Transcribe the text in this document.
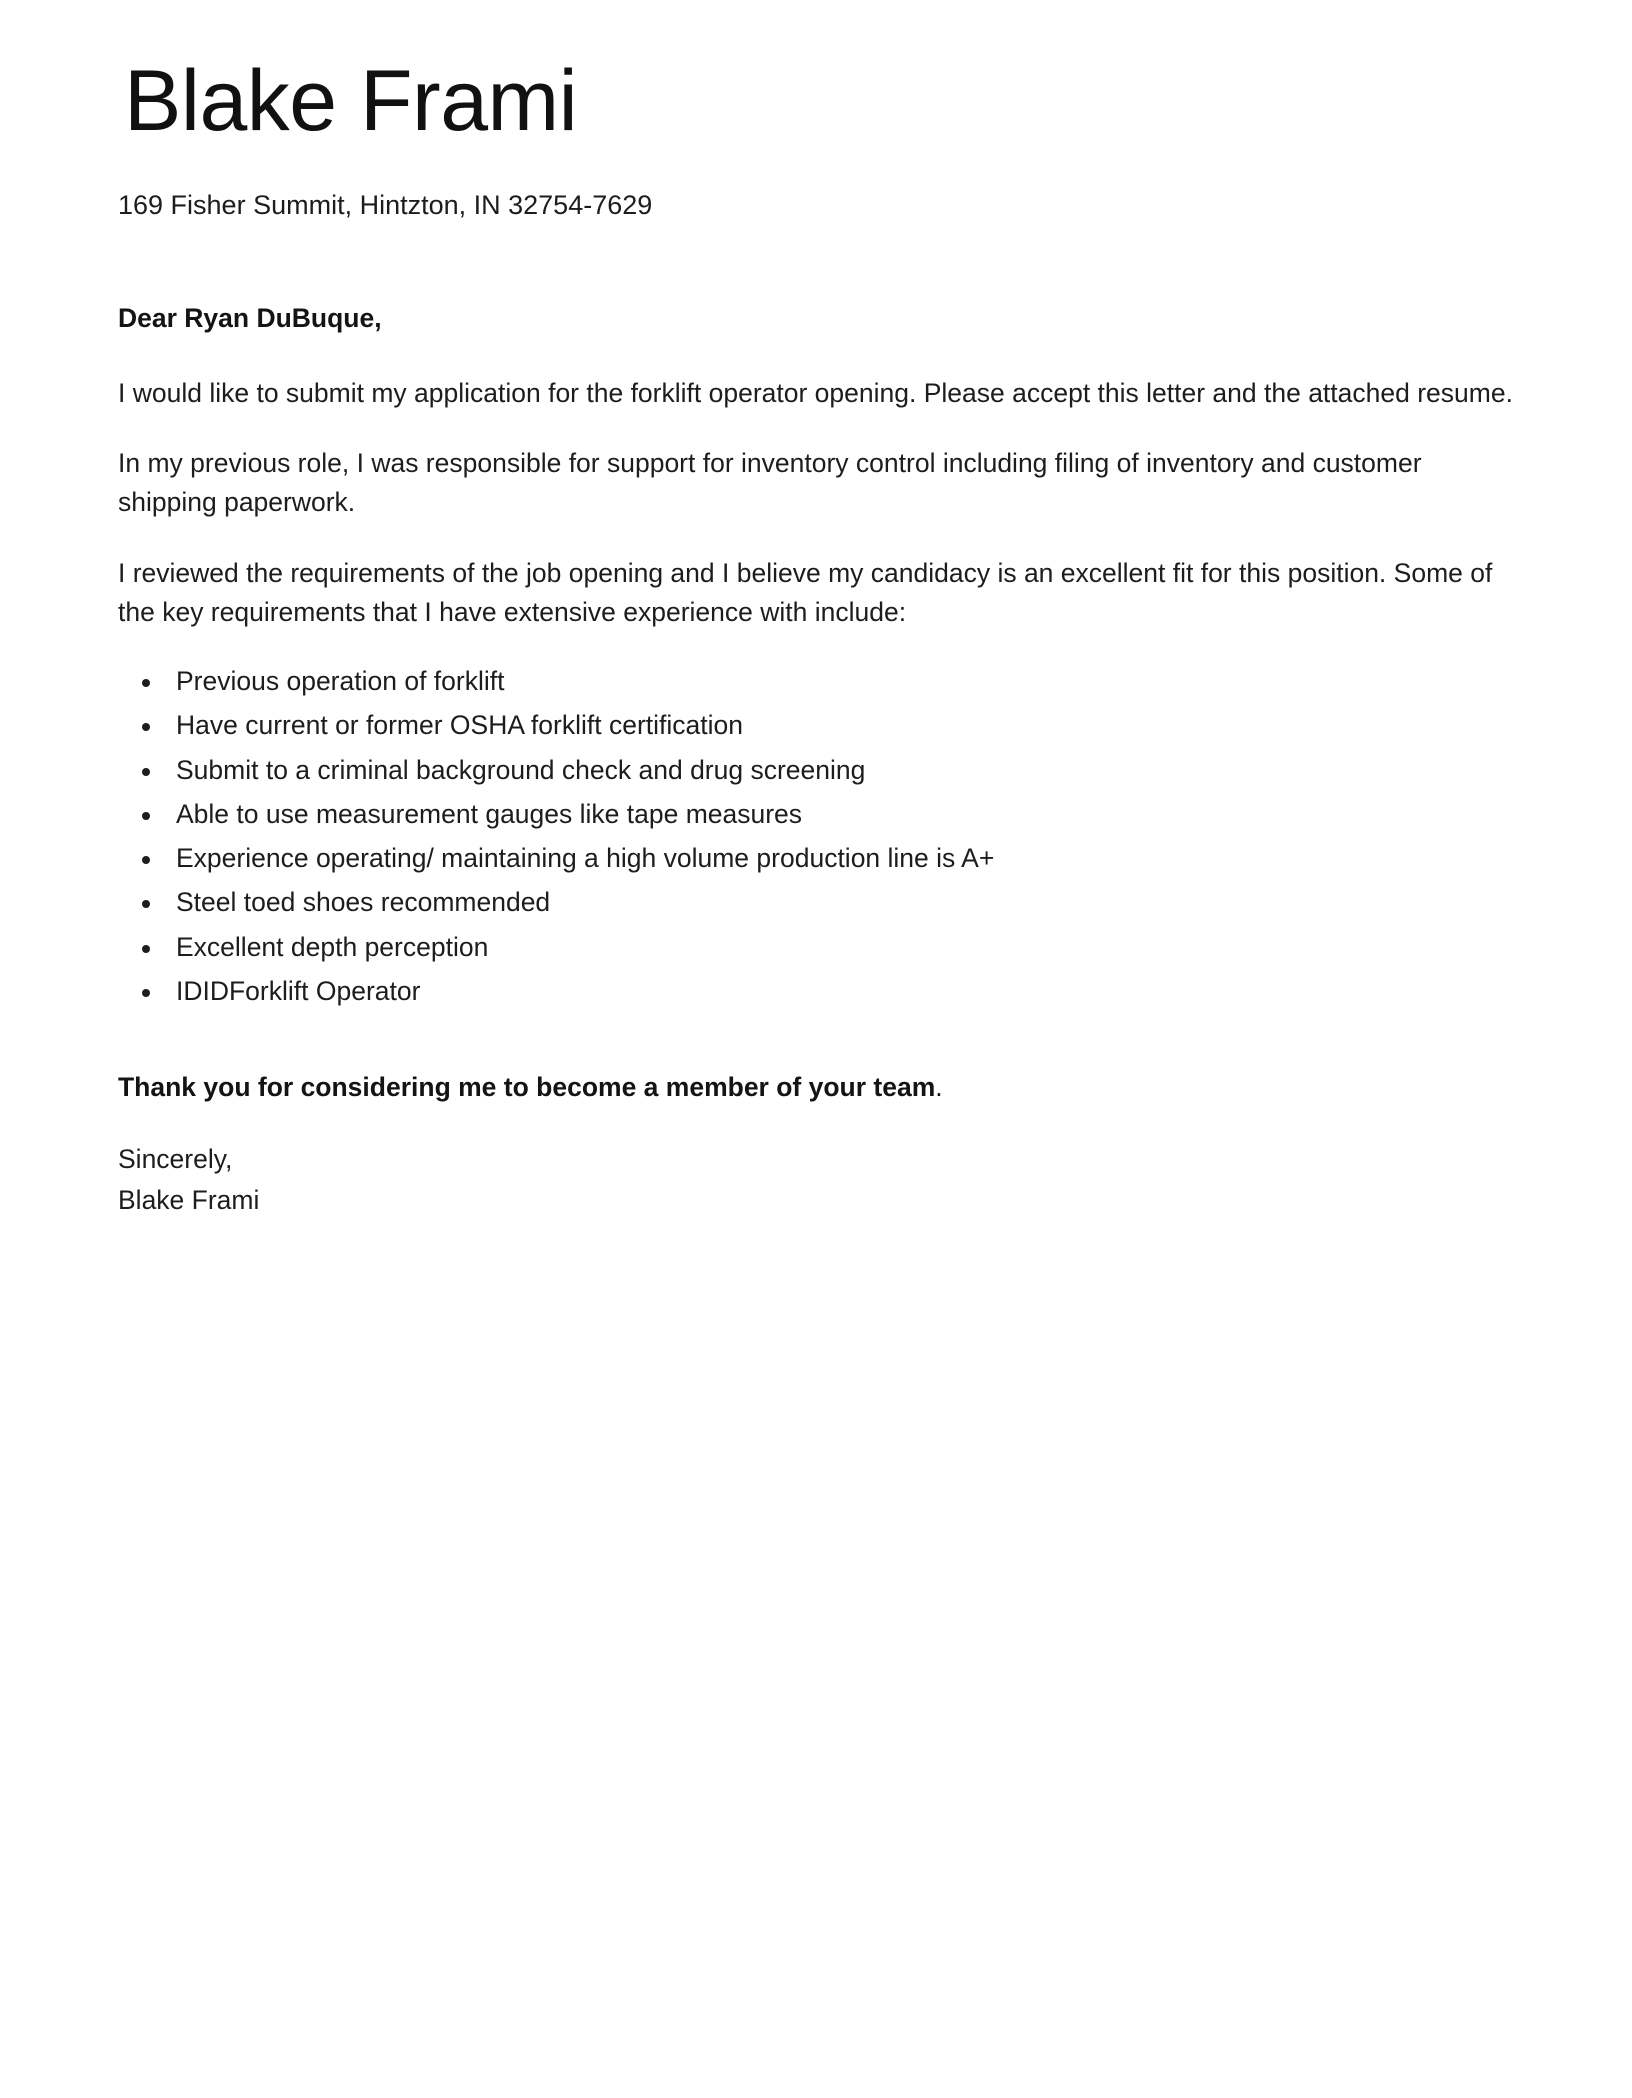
Blake Frami
169 Fisher Summit, Hintzton, IN 32754-7629

Dear Ryan DuBuque,

I would like to submit my application for the forklift operator opening. Please accept this letter and the attached resume.

In my previous role, I was responsible for support for inventory control including filing of inventory and customer shipping paperwork.

I reviewed the requirements of the job opening and I believe my candidacy is an excellent fit for this position. Some of the key requirements that I have extensive experience with include:

Previous operation of forklift
Have current or former OSHA forklift certification
Submit to a criminal background check and drug screening
Able to use measurement gauges like tape measures
Experience operating/ maintaining a high volume production line is A+
Steel toed shoes recommended
Excellent depth perception
IDIDForklift Operator

Thank you for considering me to become a member of your team.

Sincerely,
Blake Frami
